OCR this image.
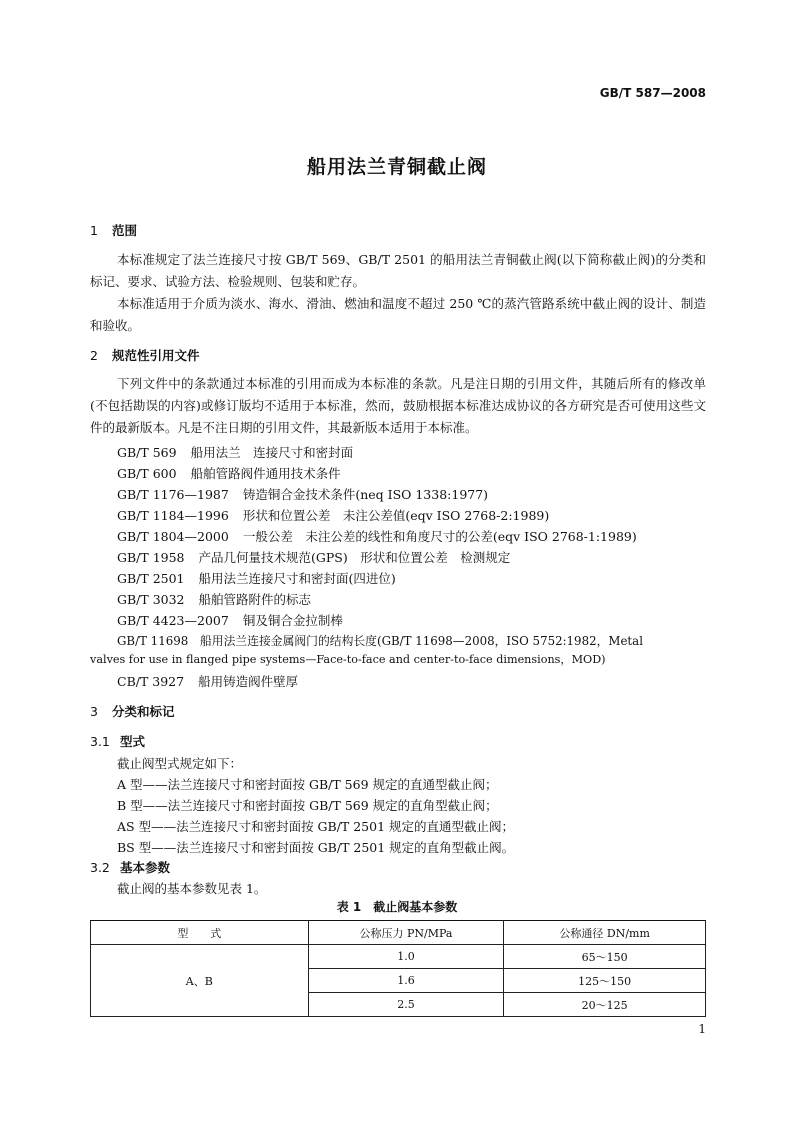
GB/T 587—2008
船用法兰青铜截止阀
1 范围
本标准规定了法兰连接尺寸按 GB/T 569、GB/T 2501 的船用法兰青铜截止阀(以下简称截止阀)的分类和标记、要求、试验方法、检验规则、包装和贮存。
本标准适用于介质为淡水、海水、滑油、燃油和温度不超过 250 ℃的蒸汽管路系统中截止阀的设计、制造和验收。
2 规范性引用文件
下列文件中的条款通过本标准的引用而成为本标准的条款。凡是注日期的引用文件，其随后所有的修改单(不包括勘误的内容)或修订版均不适用于本标准，然而，鼓励根据本标准达成协议的各方研究是否可使用这些文件的最新版本。凡是不注日期的引用文件，其最新版本适用于本标准。
GB/T 569 船用法兰　连接尺寸和密封面
GB/T 600 船舶管路阀件通用技术条件
GB/T 1176—1987 铸造铜合金技术条件(neq ISO 1338:1977)
GB/T 1184—1996 形状和位置公差　未注公差值(eqv ISO 2768-2:1989)
GB/T 1804—2000 一般公差　未注公差的线性和角度尺寸的公差(eqv ISO 2768-1:1989)
GB/T 1958 产品几何量技术规范(GPS)　形状和位置公差　检测规定
GB/T 2501 船用法兰连接尺寸和密封面(四进位)
GB/T 3032 船舶管路附件的标志
GB/T 4423—2007 铜及铜合金拉制棒
GB/T 11698　船用法兰连接金属阀门的结构长度(GB/T 11698—2008，ISO 5752:1982，Metal
valves for use in flanged pipe systems—Face-to-face and center-to-face dimensions，MOD)
CB/T 3927 船用铸造阀件壁厚
3 分类和标记
3.1 型式
截止阀型式规定如下：
A 型——法兰连接尺寸和密封面按 GB/T 569 规定的直通型截止阀；
B 型——法兰连接尺寸和密封面按 GB/T 569 规定的直角型截止阀；
AS 型——法兰连接尺寸和密封面按 GB/T 2501 规定的直通型截止阀；
BS 型——法兰连接尺寸和密封面按 GB/T 2501 规定的直角型截止阀。
3.2 基本参数
截止阀的基本参数见表 1。
表 1　截止阀基本参数
型　　式	公称压力 PN/MPa	公称通径 DN/mm
A、B	1.0	65～150
	1.6	125～150
	2.5	20～125
1
